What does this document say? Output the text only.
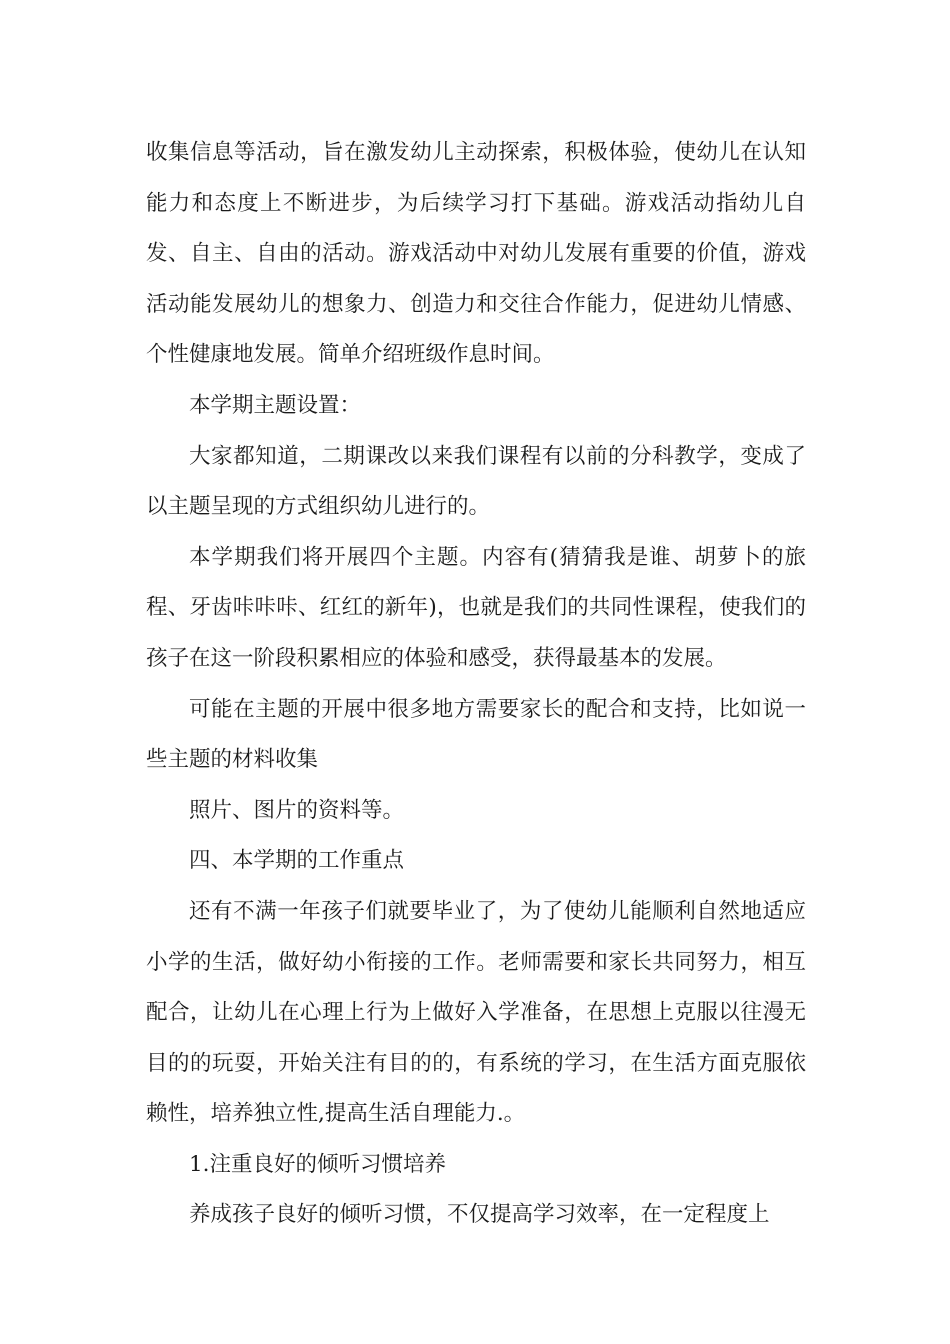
收集信息等活动，旨在激发幼儿主动探索，积极体验，使幼儿在认知能力和态度上不断进步，为后续学习打下基础。游戏活动指幼儿自发、自主、自由的活动。游戏活动中对幼儿发展有重要的价值，游戏活动能发展幼儿的想象力、创造力和交往合作能力，促进幼儿情感、个性健康地发展。简单介绍班级作息时间。

本学期主题设置：

大家都知道，二期课改以来我们课程有以前的分科教学，变成了以主题呈现的方式组织幼儿进行的。

本学期我们将开展四个主题。内容有(猜猜我是谁、胡萝卜的旅程、牙齿咔咔咔、红红的新年)，也就是我们的共同性课程，使我们的孩子在这一阶段积累相应的体验和感受，获得最基本的发展。

可能在主题的开展中很多地方需要家长的配合和支持，比如说一些主题的材料收集

照片、图片的资料等。

四、本学期的工作重点

还有不满一年孩子们就要毕业了，为了使幼儿能顺利自然地适应小学的生活，做好幼小衔接的工作。老师需要和家长共同努力，相互配合，让幼儿在心理上行为上做好入学准备，在思想上克服以往漫无目的的玩耍，开始关注有目的的，有系统的学习，在生活方面克服依赖性，培养独立性,提高生活自理能力.。

1.注重良好的倾听习惯培养

养成孩子良好的倾听习惯，不仅提高学习效率，在一定程度上
